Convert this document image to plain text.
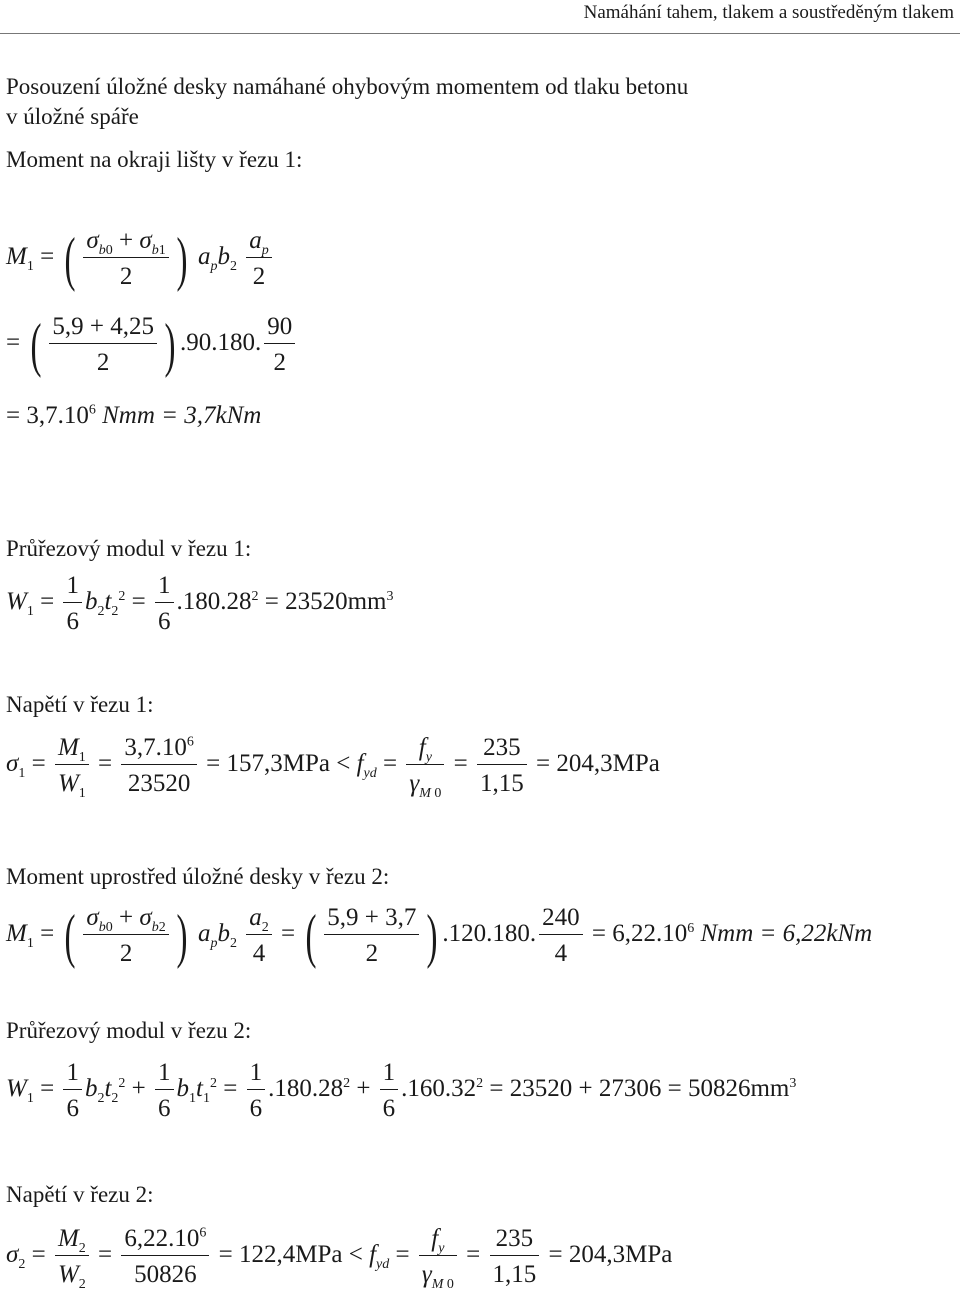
Namáhání tahem, tlakem a soustředěným tlakem
Posouzení úložné desky namáhané ohybovým momentem od tlaku betonu
v úložné spáře
Moment na okraji lišty v řezu 1:
$M_1$ = ( $\frac{\sigma_{b0} + \sigma_{b1}}{2}$ ) $a_pb_2 \frac{a_p}{2}$
= ( $\frac{5,9 + 4,25}{2}$ ) .90.180. $\frac{90}{2}$
= $3,7.10^6$ Nmm = 3,7kNm
Průřezový modul v řezu 1:
$W_1 = \frac{1}{6} b_2t_2^2 = \frac{1}{6} .180.28^2 = 23520mm^3$
Napětí v řezu 1:
$\sigma_1 = \frac{M_1}{W_1} = \frac{3,7.10^6}{23520} = 157,3MPa < f_{yd} = \frac{f_y}{\gamma_{M 0}} = \frac{235}{1,15} = 204,3MPa$
Moment uprostřed úložné desky v řezu 2:
$M_1$ = ( $\frac{\sigma_{b0} + \sigma_{b2}}{2}$ ) $a_pb_2 \frac{a_2}{4}$ = ( $\frac{5,9 + 3,7}{2}$ ) .120.180. $\frac{240}{4} = 6,22.10^6$ Nmm = 6,22kNm
Průřezový modul v řezu 2:
$W_1 = \frac{1}{6} b_2t_2^2 + \frac{1}{6} b_1t_1^2 = \frac{1}{6} .180.28^2 + \frac{1}{6} .160.32^2 = 23520 + 27306 = 50826mm^3$
Napětí v řezu 2:
$\sigma_2 = \frac{M_2}{W_2} = \frac{6,22.10^6}{50826} = 122,4MPa < f_{yd} = \frac{f_y}{\gamma_{M 0}} = \frac{235}{1,15} = 204,3MPa$
